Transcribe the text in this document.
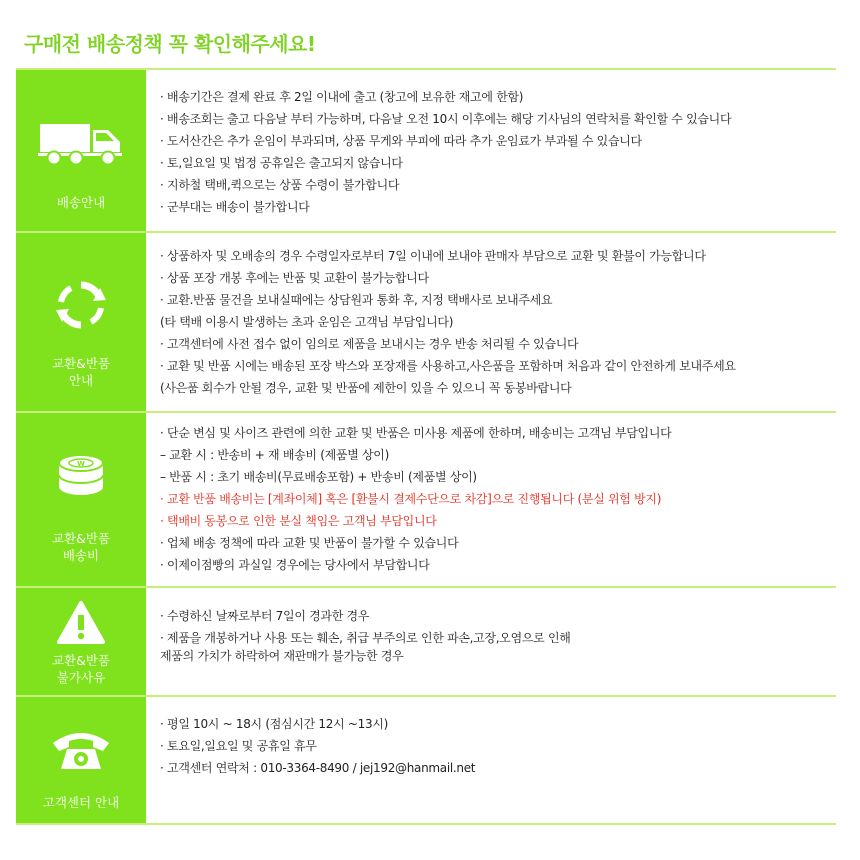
구매전 배송정책 꼭 확인해주세요!
배송안내
· 배송기간은 결제 완료 후 2일 이내에 출고 (창고에 보유한 재고에 한함)
· 배송조회는 출고 다음날 부터 가능하며, 다음날 오전 10시 이후에는 해당 기사님의 연락처를 확인할 수 있습니다
· 도서산간은 추가 운임이 부과되며, 상품 무게와 부피에 따라 추가 운임료가 부과될 수 있습니다
· 토,일요일 및 법정 공휴일은 출고되지 않습니다
· 지하철 택배,퀵으로는 상품 수령이 불가합니다
· 군부대는 배송이 불가합니다
교환&반품
안내
· 상품하자 및 오배송의 경우 수령일자로부터 7일 이내에 보내야 판매자 부담으로 교환 및 환불이 가능합니다
· 상품 포장 개봉 후에는 반품 및 교환이 불가능합니다
· 교환.반품 물건을 보내실때에는 상담원과 통화 후, 지정 택배사로 보내주세요
(타 택배 이용시 발생하는 초과 운임은 고객님 부담입니다)
· 고객센터에 사전 접수 없이 임의로 제품을 보내시는 경우 반송 처리될 수 있습니다
· 교환 및 반품 시에는 배송된 포장 박스와 포장재를 사용하고,사은품을 포함하며 처음과 같이 안전하게 보내주세요
(사은품 회수가 안될 경우, 교환 및 반품에 제한이 있을 수 있으니 꼭 동봉바랍니다
W
교환&반품
배송비
· 단순 변심 및 사이즈 관련에 의한 교환 및 반품은 미사용 제품에 한하며, 배송비는 고객님 부담입니다
– 교환 시 : 반송비 + 재 배송비 (제품별 상이)
– 반품 시 : 초기 배송비(무료배송포함) + 반송비 (제품별 상이)
· 교환 반품 배송비는 [계좌이체] 혹은 [환불시 결제수단으로 차감]으로 진행됩니다 (분실 위험 방지)
· 택배비 동봉으로 인한 분실 책임은 고객님 부담입니다
· 업체 배송 정책에 따라 교환 및 반품이 불가할 수 있습니다
· 이제이점빵의 과실일 경우에는 당사에서 부담합니다
교환&반품
불가사유
· 수령하신 날짜로부터 7일이 경과한 경우
· 제품을 개봉하거나 사용 또는 훼손, 취급 부주의로 인한 파손,고장,오염으로 인해
제품의 가치가 하락하여 재판매가 불가능한 경우
고객센터 안내
· 평일 10시 ~ 18시 (점심시간 12시 ~13시)
· 토요일,일요일 및 공휴일 휴무
· 고객센터 연락처 : 010-3364-8490 / jej192@hanmail.net
